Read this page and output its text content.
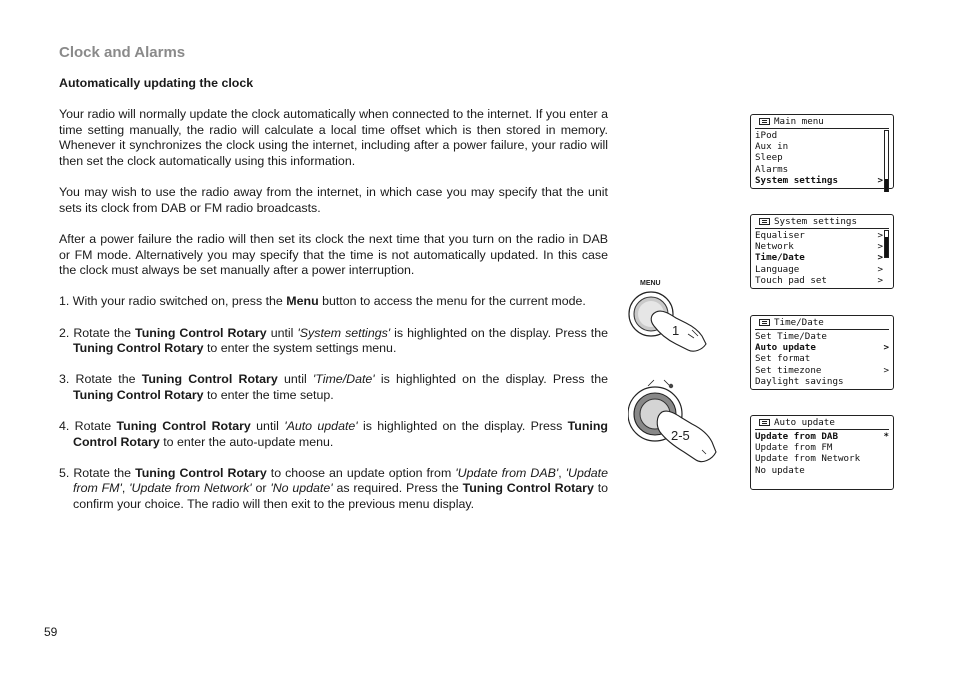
Clock and Alarms

Automatically updating the clock

Your radio will normally update the clock automatically when connected to the internet. If you enter a time setting manually, the radio will calculate a local time offset which is then stored in memory. Whenever it synchronizes the clock using the internet, including after a power failure, your radio will then set the clock automatically using this information.

You may wish to use the radio away from the internet, in which case you may specify that the unit sets its clock from DAB or FM radio broadcasts.

After a power failure the radio will then set its clock the next time that you turn on the radio in DAB or FM mode. Alternatively you may specify that the time is not automatically updated. In this case the clock must always be set manually after a power interruption.

1. With your radio switched on, press the Menu button to access the menu for the current mode.

2. Rotate the Tuning Control Rotary until 'System settings' is highlighted on the display. Press the Tuning Control Rotary to enter the system settings menu.

3. Rotate the Tuning Control Rotary until 'Time/Date' is highlighted on the display. Press the Tuning Control Rotary to enter the time setup.

4. Rotate Tuning Control Rotary until 'Auto update' is highlighted on the display. Press Tuning Control Rotary to enter the auto-update menu.

5. Rotate the Tuning Control Rotary to choose an update option from 'Update from DAB', 'Update from FM', 'Update from Network' or 'No update' as required. Press the Tuning Control Rotary to confirm your choice. The radio will then exit to the previous menu display.

MENU
1
2-5
Main menu
iPod
Aux in
Sleep
Alarms
System settings	>
System settings
Equaliser	>
Network	>
Time/Date	>
Language	>
Touch pad set	>
Time/Date
Set Time/Date
Auto update	>
Set format
Set timezone	>
Daylight savings
Auto update
Update from DAB	*
Update from FM
Update from Network
No update
59
